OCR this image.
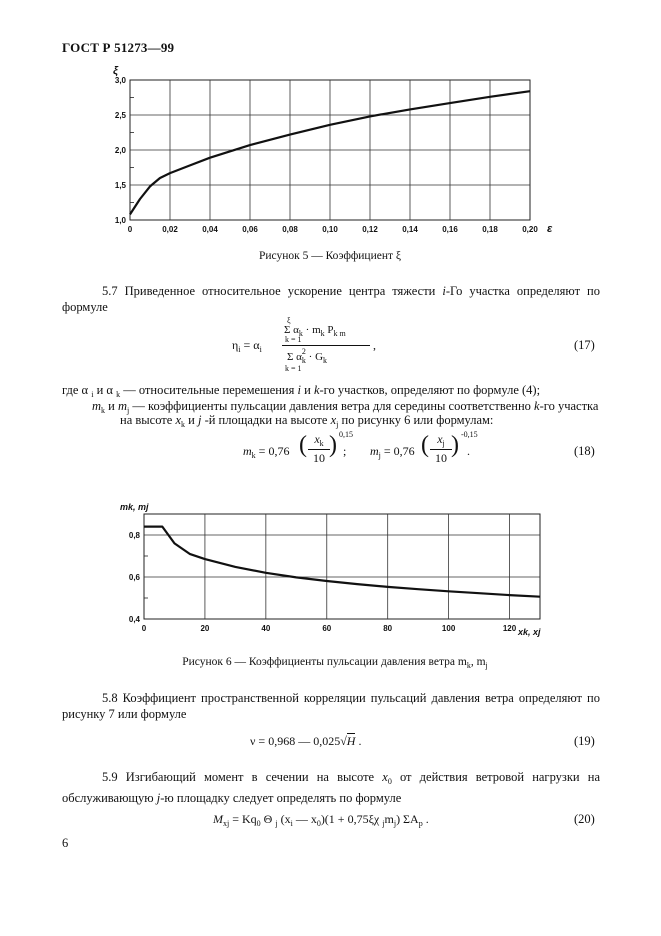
ГОСТ Р 51273—99
0	0,02	0,04	0,06	0,08	0,10	0,12	0,14	0,16	0,18	0,20
1,0
1,5
2,0
2,5
3,0
ξ
ε
Рисунок 5 — Коэффициент ξ
5.7 Приведенное относительное ускорение центра тяжести i-Го участка определяют по формуле
$\eta_i = \alpha_i$
ξ
Σ $\alpha_k \cdot m_k$ $P_{k m}$
k = 1
Σ $\alpha^2_k \cdot G_k$
k = 1
,	(17)
где α $_i$ и α $_k$ — относительные перемешения i и k-го участков, определяют по формуле (4);
$m_k$ и $m_j$ — коэффициенты пульсации давления ветра для середины соответственно k-го участка
на высоте $x_k$ и j -й площадки на высоте $x_j$ по рисунку 6 или формулам:
$m_k = 0,76$ ( $x_k$
10 ) 0,15
; $m_j = 0,76$ ( $x_j$
10 ) -0,15
.	(18)
0	20	40	60	80	100	120
0,4
0,6
0,8
mk, mj
xk, xj
Рисунок 6 — Коэффициенты пульсации давления ветра $m_k$, $m_j$
5.8 Коэффициент пространственной корреляции пульсаций давления ветра определяют по рисунку 7 или формуле
ν = 0,968 — 0,025√H .	(19)
5.9 Изгибающий момент в сечении на высоте $x_0$ от действия ветровой нагрузки на обслуживающую j-ю площадку следует определять по формуле
$M_{xj} = Kq_0$ Θ $_j$ ($x_i$ — $x_0)(1 + 0,75\xi\chi$ $_jm_j$) $\Sigma A_p$ .	(20)
6
